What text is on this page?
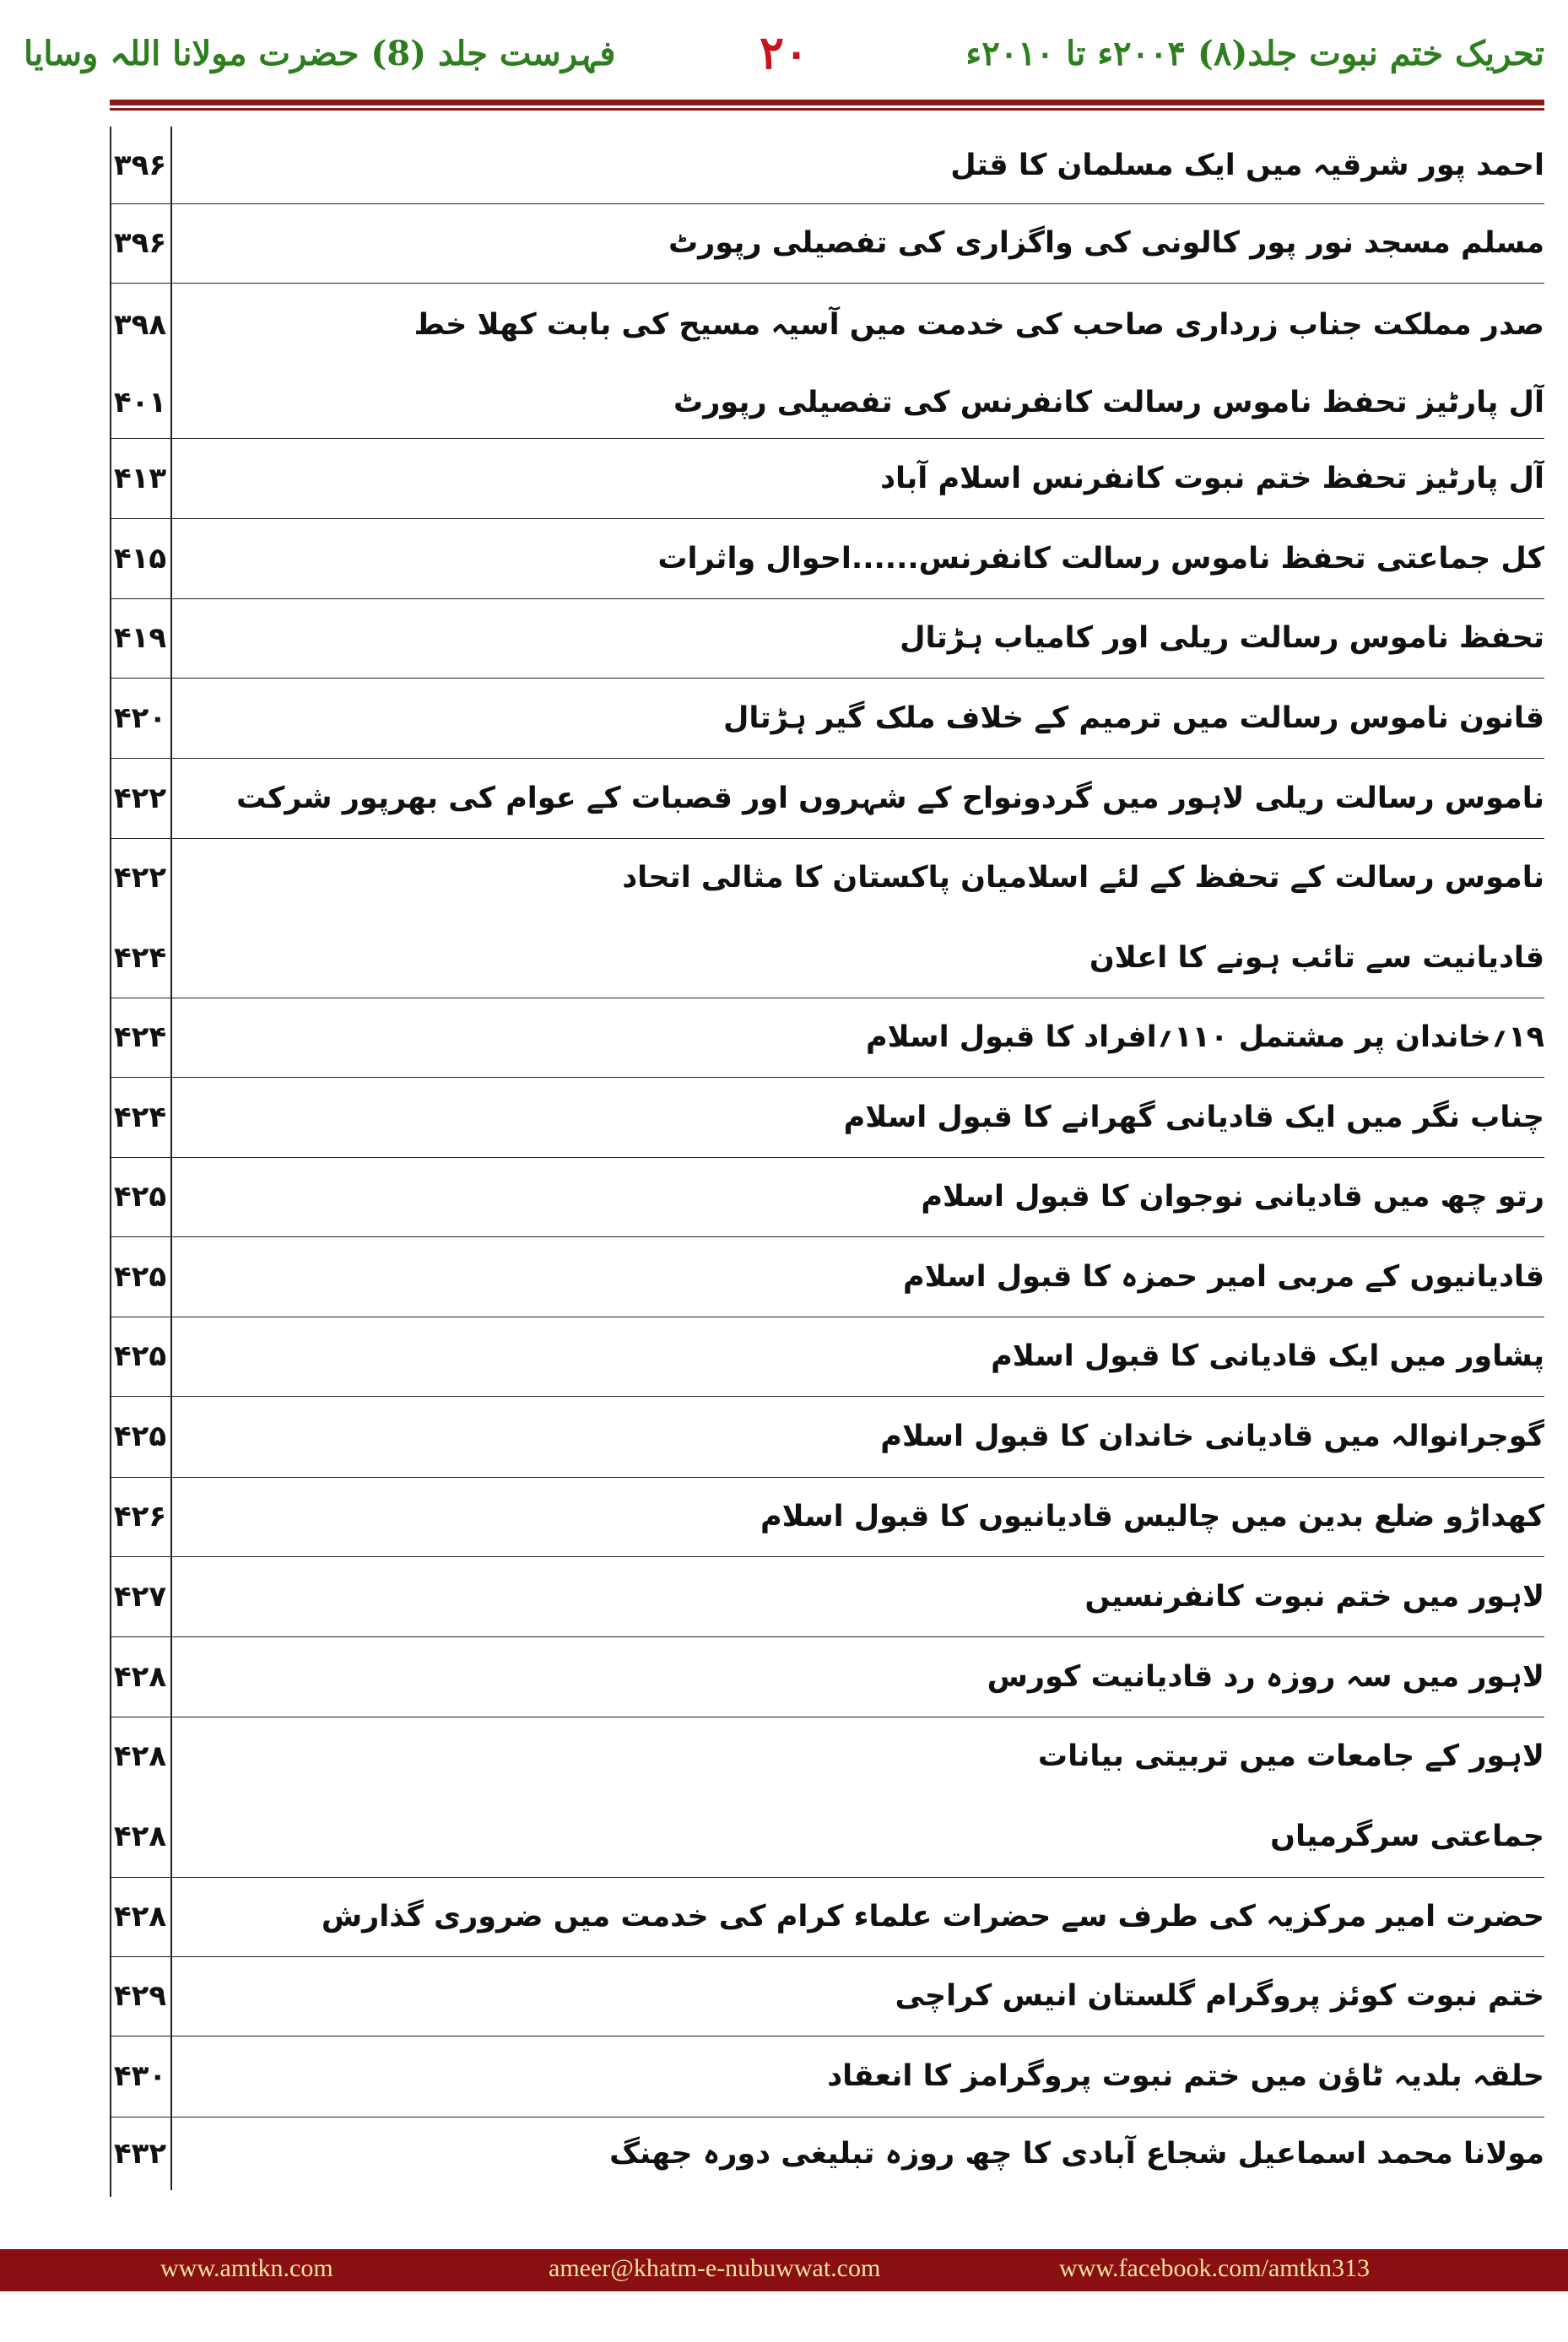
فہرست جلد (8) حضرت مولانا اللہ وسایا	۲۰	تحریک ختم نبوت جلد(۸) ۲۰۰۴ء تا ۲۰۱۰ء
۳۹۶	احمد پور شرقیہ میں ایک مسلمان کا قتل
۳۹۶	مسلم مسجد نور پور کالونی کی واگزاری کی تفصیلی رپورٹ
۳۹۸	صدر مملکت جناب زرداری صاحب کی خدمت میں آسیہ مسیح کی بابت کھلا خط
۴۰۱	آل پارٹیز تحفظ ناموس رسالت کانفرنس کی تفصیلی رپورٹ
۴۱۳	آل پارٹیز تحفظ ختم نبوت کانفرنس اسلام آباد
۴۱۵	کل جماعتی تحفظ ناموس رسالت کانفرنس......احوال واثرات
۴۱۹	تحفظ ناموس رسالت ریلی اور کامیاب ہڑتال
۴۲۰	قانون ناموس رسالت میں ترمیم کے خلاف ملک گیر ہڑتال
۴۲۲	ناموس رسالت ریلی لاہور میں گردونواح کے شہروں اور قصبات کے عوام کی بھرپور شرکت
۴۲۲	ناموس رسالت کے تحفظ کے لئے اسلامیان پاکستان کا مثالی اتحاد
۴۲۴	قادیانیت سے تائب ہونے کا اعلان
۴۲۴	۱۹؍خاندان پر مشتمل ۱۱۰؍افراد کا قبول اسلام
۴۲۴	چناب نگر میں ایک قادیانی گھرانے کا قبول اسلام
۴۲۵	رتو چھ میں قادیانی نوجوان کا قبول اسلام
۴۲۵	قادیانیوں کے مربی امیر حمزہ کا قبول اسلام
۴۲۵	پشاور میں ایک قادیانی کا قبول اسلام
۴۲۵	گوجرانوالہ میں قادیانی خاندان کا قبول اسلام
۴۲۶	کھداڑو ضلع بدین میں چالیس قادیانیوں کا قبول اسلام
۴۲۷	لاہور میں ختم نبوت کانفرنسیں
۴۲۸	لاہور میں سہ روزہ رد قادیانیت کورس
۴۲۸	لاہور کے جامعات میں تربیتی بیانات
۴۲۸	جماعتی سرگرمیاں
۴۲۸	حضرت امیر مرکزیہ کی طرف سے حضرات علماء کرام کی خدمت میں ضروری گذارش
۴۲۹	ختم نبوت کوئز پروگرام گلستان انیس کراچی
۴۳۰	حلقہ بلدیہ ٹاؤن میں ختم نبوت پروگرامز کا انعقاد
۴۳۲	مولانا محمد اسماعیل شجاع آبادی کا چھ روزہ تبلیغی دورہ جھنگ
www.amtkn.com	ameer@khatm-e-nubuwwat.com	www.facebook.com/amtkn313
